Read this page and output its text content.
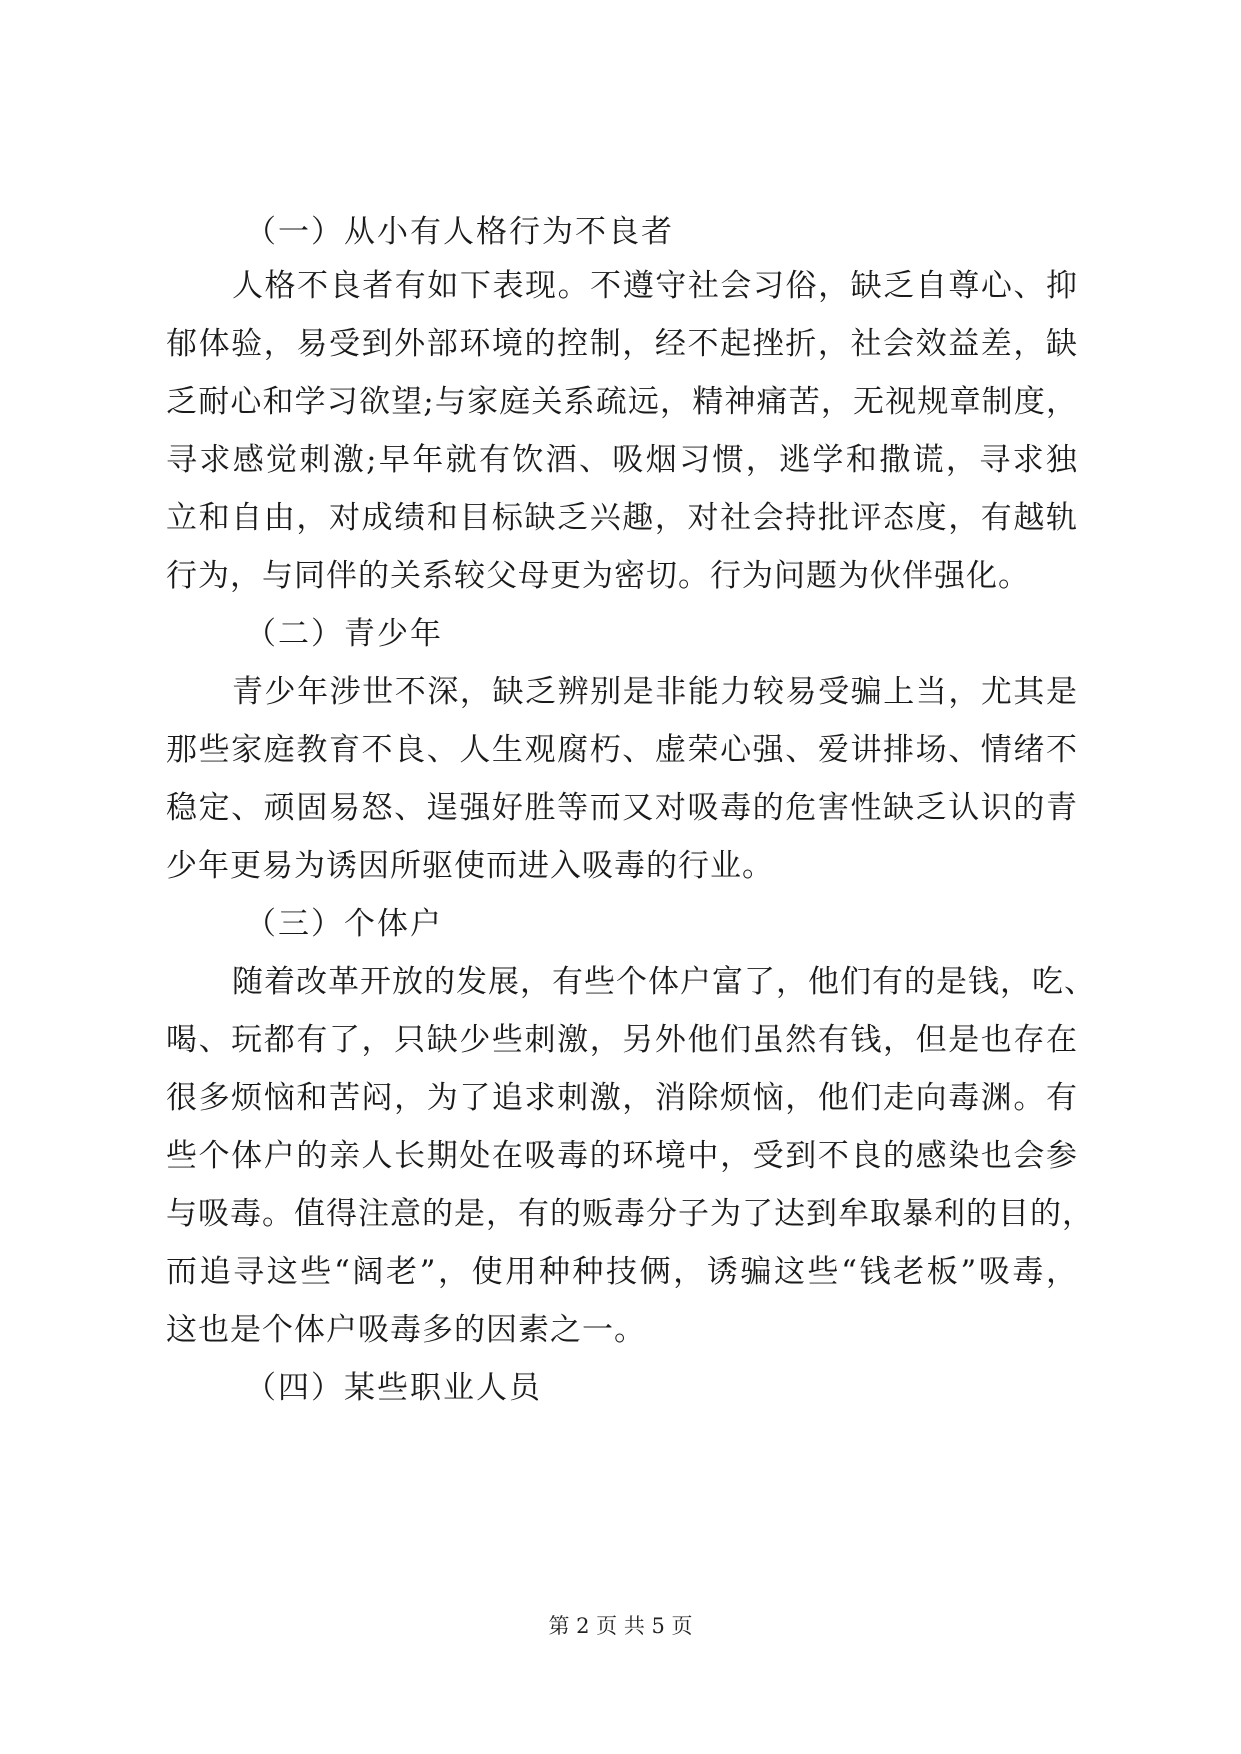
（一）从小有人格行为不良者
人格不良者有如下表现。不遵守社会习俗，缺乏自尊心、抑
郁体验，易受到外部环境的控制，经不起挫折，社会效益差，缺
乏耐心和学习欲望;与家庭关系疏远，精神痛苦，无视规章制度，
寻求感觉刺激;早年就有饮酒、吸烟习惯，逃学和撒谎，寻求独
立和自由，对成绩和目标缺乏兴趣，对社会持批评态度，有越轨
行为，与同伴的关系较父母更为密切。行为问题为伙伴强化。
（二）青少年
青少年涉世不深，缺乏辨别是非能力较易受骗上当，尤其是
那些家庭教育不良、人生观腐朽、虚荣心强、爱讲排场、情绪不
稳定、顽固易怒、逞强好胜等而又对吸毒的危害性缺乏认识的青
少年更易为诱因所驱使而进入吸毒的行业。
（三）个体户
随着改革开放的发展，有些个体户富了，他们有的是钱，吃、
喝、玩都有了，只缺少些刺激，另外他们虽然有钱，但是也存在
很多烦恼和苦闷，为了追求刺激，消除烦恼，他们走向毒渊。有
些个体户的亲人长期处在吸毒的环境中，受到不良的感染也会参
与吸毒。值得注意的是，有的贩毒分子为了达到牟取暴利的目的，
而追寻这些“阔老”，使用种种技俩，诱骗这些“钱老板”吸毒，
这也是个体户吸毒多的因素之一。
（四）某些职业人员
第 2 页 共 5 页
